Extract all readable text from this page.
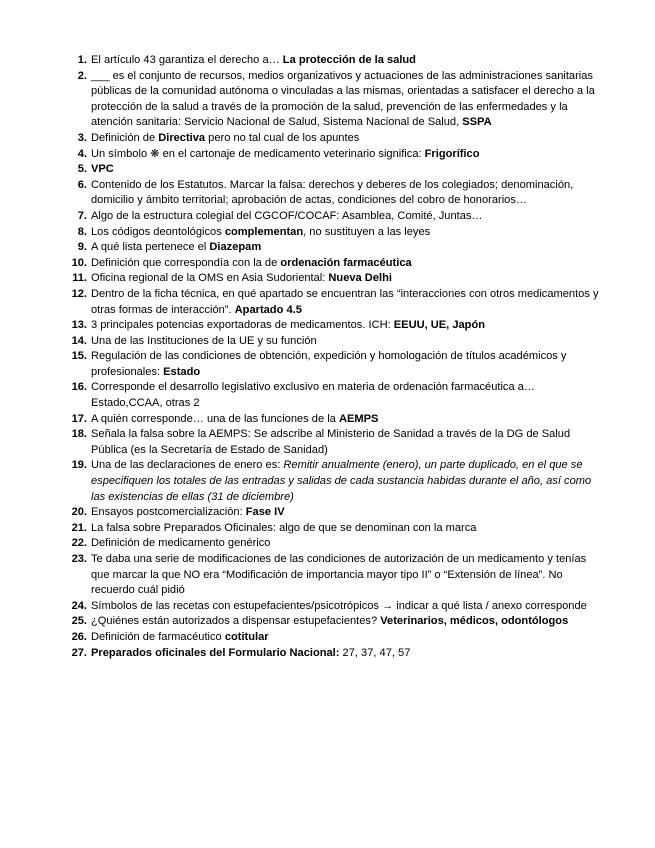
1. El artículo 43 garantiza el derecho a… La protección de la salud
2. ___ es el conjunto de recursos, medios organizativos y actuaciones de las administraciones sanitarias públicas de la comunidad autónoma o vinculadas a las mismas, orientadas a satisfacer el derecho a la protección de la salud a través de la promoción de la salud, prevención de las enfermedades y la atención sanitaria: Servicio Nacional de Salud, Sistema Nacional de Salud, SSPA
3. Definición de Directiva pero no tal cual de los apuntes
4. Un símbolo ❋ en el cartonaje de medicamento veterinario significa: Frigorífico
5. VPC
6. Contenido de los Estatutos. Marcar la falsa: derechos y deberes de los colegiados; denominación, domicilio y ámbito territorial; aprobación de actas, condiciones del cobro de honorarios…
7. Algo de la estructura colegial del CGCOF/COCAF: Asamblea, Comité, Juntas…
8. Los códigos deontológicos complementan, no sustituyen a las leyes
9. A qué lista pertenece el Diazepam
10. Definición que correspondía con la de ordenación farmacéutica
11. Oficina regional de la OMS en Asia Sudoriental: Nueva Delhi
12. Dentro de la ficha técnica, en qué apartado se encuentran las “interacciones con otros medicamentos y otras formas de interacción”. Apartado 4.5
13. 3 principales potencias exportadoras de medicamentos. ICH: EEUU, UE, Japón
14. Una de las Instituciones de la UE y su función
15. Regulación de las condiciones de obtención, expedición y homologación de títulos académicos y profesionales: Estado
16. Corresponde el desarrollo legislativo exclusivo en materia de ordenación farmacéutica a… Estado,CCAA, otras 2
17. A quién corresponde… una de las funciones de la AEMPS
18. Señala la falsa sobre la AEMPS: Se adscribe al Ministerio de Sanidad a través de la DG de Salud Pública (es la Secretaría de Estado de Sanidad)
19. Una de las declaraciones de enero es: Remitir anualmente (enero), un parte duplicado, en el que se especifiquen los totales de las entradas y salidas de cada sustancia habidas durante el año, así como las existencias de ellas (31 de diciembre)
20. Ensayos postcomercialización: Fase IV
21. La falsa sobre Preparados Oficinales: algo de que se denominan con la marca
22. Definición de medicamento genérico
23. Te daba una serie de modificaciones de las condiciones de autorización de un medicamento y tenías que marcar la que NO era “Modificación de importancia mayor tipo II” o “Extensión de línea”. No recuerdo cuál pidió
24. Símbolos de las recetas con estupefacientes/psicotrópicos → indicar a qué lista / anexo corresponde
25. ¿Quiénes están autorizados a dispensar estupefacientes? Veterinarios, médicos, odontólogos
26. Definición de farmacéutico cotitular
27. Preparados oficinales del Formulario Nacional: 27, 37, 47, 57
